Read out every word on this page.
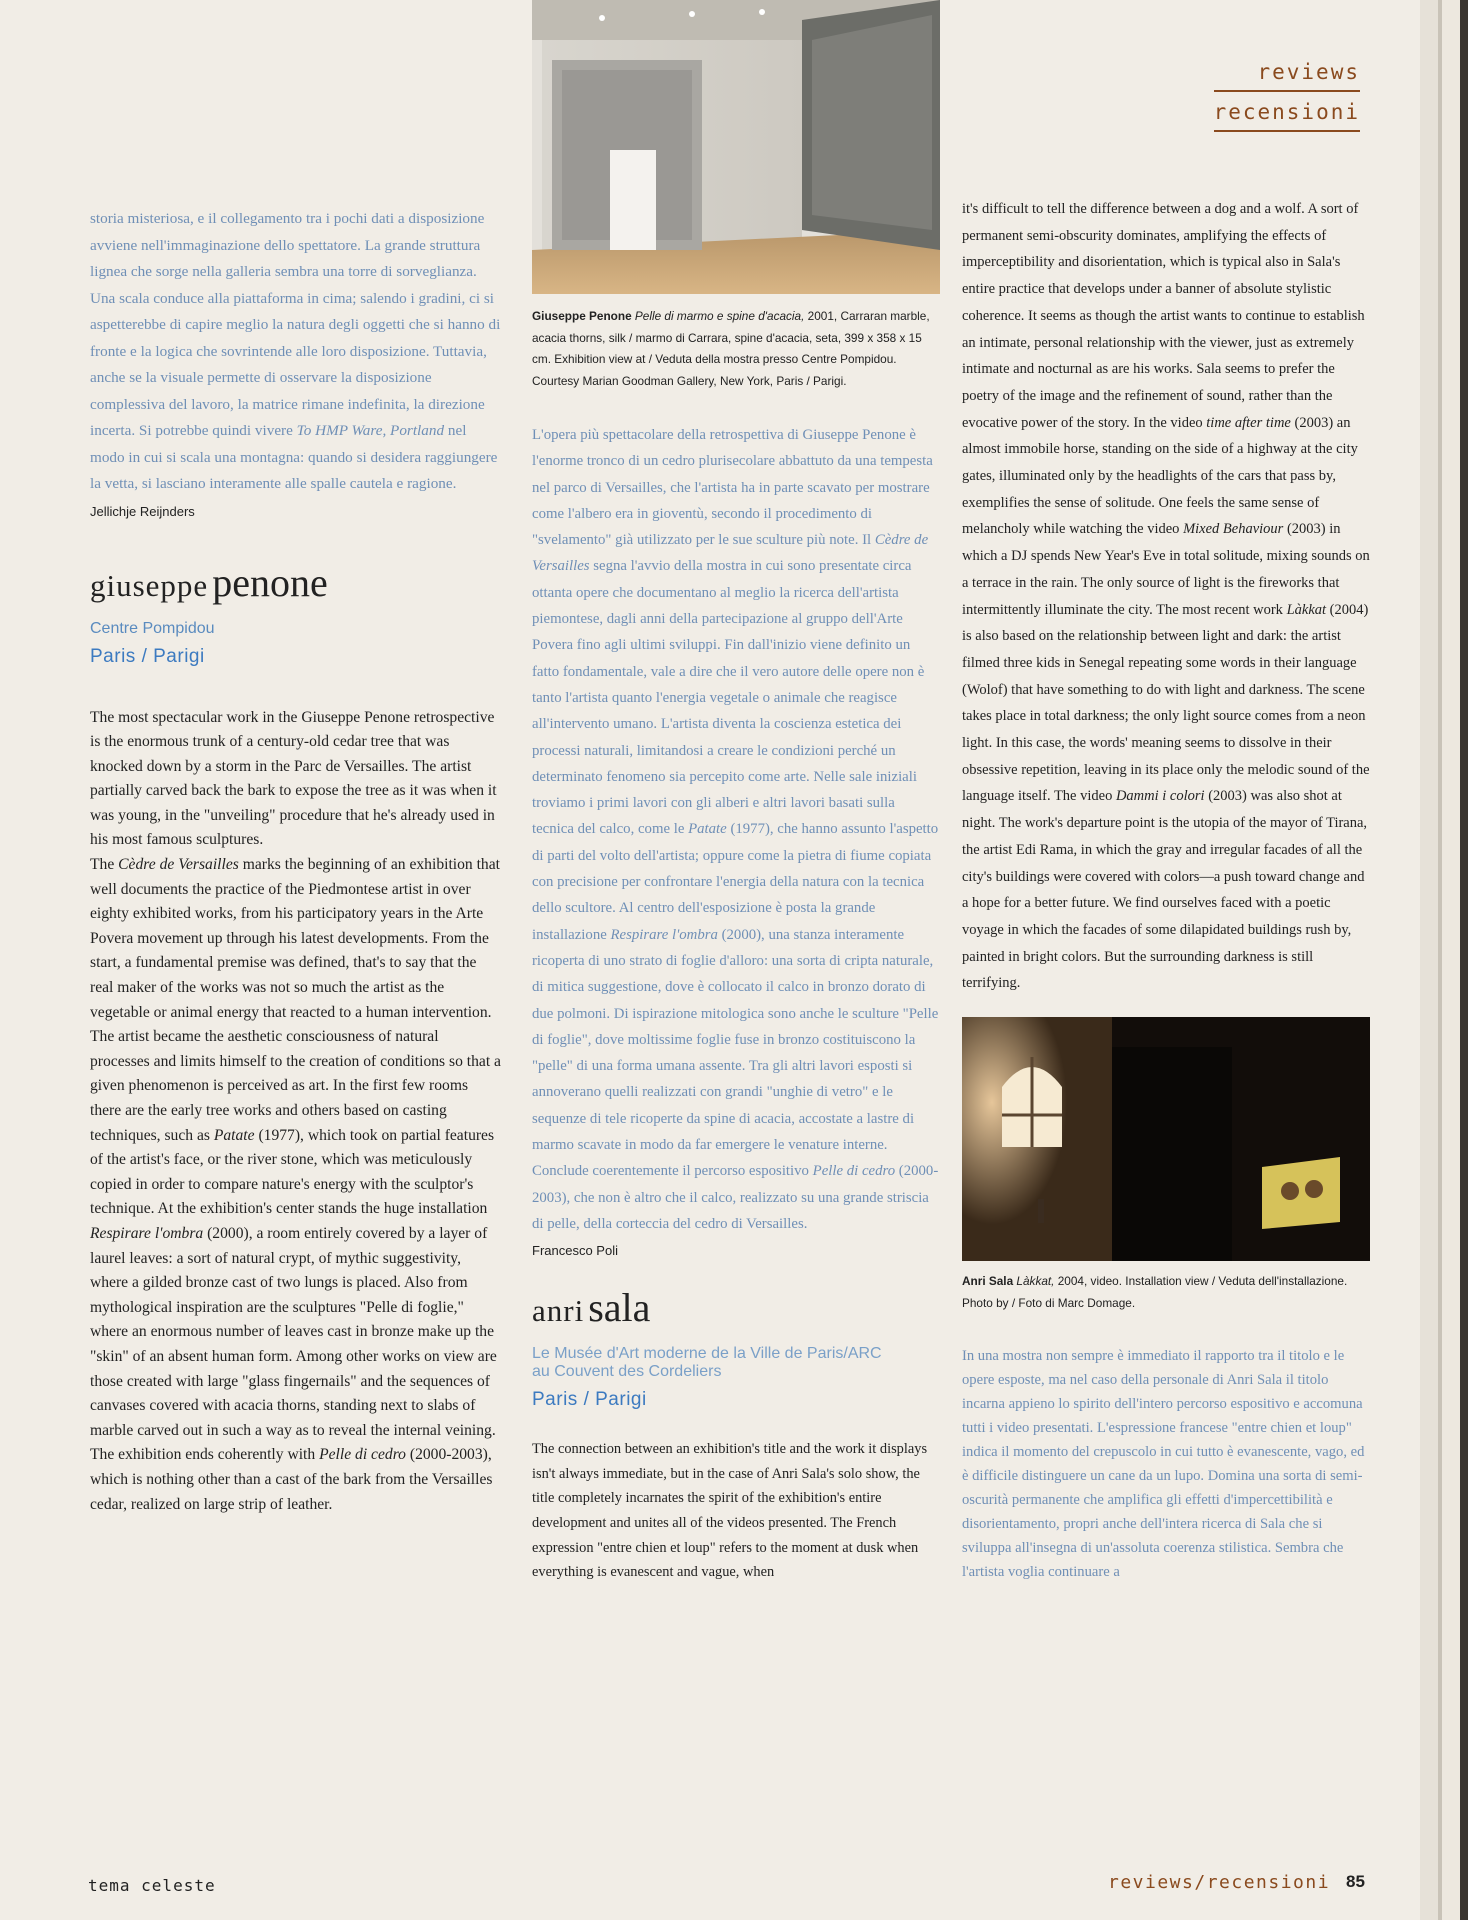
reviews
recensioni

storia misteriosa, e il collegamento tra i pochi dati a disposizione avviene nell'immaginazione dello spettatore. La grande struttura lignea che sorge nella galleria sembra una torre di sorveglianza. Una scala conduce alla piattaforma in cima; salendo i gradini, ci si aspetterebbe di capire meglio la natura degli oggetti che si hanno di fronte e la logica che sovrintende alle loro disposizione. Tuttavia, anche se la visuale permette di osservare la disposizione complessiva del lavoro, la matrice rimane indefinita, la direzione incerta. Si potrebbe quindi vivere To HMP Ware, Portland nel modo in cui si scala una montagna: quando si desidera raggiungere la vetta, si lasciano interamente alle spalle cautela e ragione.

Jellichje Reijnders
giuseppe penone
Centre Pompidou
Paris / Parigi

The most spectacular work in the Giuseppe Penone retrospective is the enormous trunk of a century-old cedar tree that was knocked down by a storm in the Parc de Versailles. The artist partially carved back the bark to expose the tree as it was when it was young, in the "unveiling" procedure that he's already used in his most famous sculptures.

The Cèdre de Versailles marks the beginning of an exhibition that well documents the practice of the Piedmontese artist in over eighty exhibited works, from his participatory years in the Arte Povera movement up through his latest developments. From the start, a fundamental premise was defined, that's to say that the real maker of the works was not so much the artist as the vegetable or animal energy that reacted to a human intervention. The artist became the aesthetic consciousness of natural processes and limits himself to the creation of conditions so that a given phenomenon is perceived as art. In the first few rooms there are the early tree works and others based on casting techniques, such as Patate (1977), which took on partial features of the artist's face, or the river stone, which was meticulously copied in order to compare nature's energy with the sculptor's technique. At the exhibition's center stands the huge installation Respirare l'ombra (2000), a room entirely covered by a layer of laurel leaves: a sort of natural crypt, of mythic suggestivity, where a gilded bronze cast of two lungs is placed. Also from mythological inspiration are the sculptures "Pelle di foglie," where an enormous number of leaves cast in bronze make up the "skin" of an absent human form. Among other works on view are those created with large "glass fingernails" and the sequences of canvases covered with acacia thorns, standing next to slabs of marble carved out in such a way as to reveal the internal veining. The exhibition ends coherently with Pelle di cedro (2000-2003), which is nothing other than a cast of the bark from the Versailles cedar, realized on large strip of leather.

Giuseppe Penone Pelle di marmo e spine d'acacia, 2001, Carraran marble, acacia thorns, silk / marmo di Carrara, spine d'acacia, seta, 399 x 358 x 15 cm. Exhibition view at / Veduta della mostra presso Centre Pompidou. Courtesy Marian Goodman Gallery, New York, Paris / Parigi.

L'opera più spettacolare della retrospettiva di Giuseppe Penone è l'enorme tronco di un cedro plurisecolare abbattuto da una tempesta nel parco di Versailles, che l'artista ha in parte scavato per mostrare come l'albero era in gioventù, secondo il procedimento di "svelamento" già utilizzato per le sue sculture più note. Il Cèdre de Versailles segna l'avvio della mostra in cui sono presentate circa ottanta opere che documentano al meglio la ricerca dell'artista piemontese, dagli anni della partecipazione al gruppo dell'Arte Povera fino agli ultimi sviluppi. Fin dall'inizio viene definito un fatto fondamentale, vale a dire che il vero autore delle opere non è tanto l'artista quanto l'energia vegetale o animale che reagisce all'intervento umano. L'artista diventa la coscienza estetica dei processi naturali, limitandosi a creare le condizioni perché un determinato fenomeno sia percepito come arte. Nelle sale iniziali troviamo i primi lavori con gli alberi e altri lavori basati sulla tecnica del calco, come le Patate (1977), che hanno assunto l'aspetto di parti del volto dell'artista; oppure come la pietra di fiume copiata con precisione per confrontare l'energia della natura con la tecnica dello scultore. Al centro dell'esposizione è posta la grande installazione Respirare l'ombra (2000), una stanza interamente ricoperta di uno strato di foglie d'alloro: una sorta di cripta naturale, di mitica suggestione, dove è collocato il calco in bronzo dorato di due polmoni. Di ispirazione mitologica sono anche le sculture "Pelle di foglie", dove moltissime foglie fuse in bronzo costituiscono la "pelle" di una forma umana assente. Tra gli altri lavori esposti si annoverano quelli realizzati con grandi "unghie di vetro" e le sequenze di tele ricoperte da spine di acacia, accostate a lastre di marmo scavate in modo da far emergere le venature interne. Conclude coerentemente il percorso espositivo Pelle di cedro (2000-2003), che non è altro che il calco, realizzato su una grande striscia di pelle, della corteccia del cedro di Versailles.

Francesco Poli
anri sala
Le Musée d'Art moderne de la Ville de Paris/ARC au Couvent des Cordeliers
Paris / Parigi

The connection between an exhibition's title and the work it displays isn't always immediate, but in the case of Anri Sala's solo show, the title completely incarnates the spirit of the exhibition's entire development and unites all of the videos presented. The French expression "entre chien et loup" refers to the moment at dusk when everything is evanescent and vague, when

it's difficult to tell the difference between a dog and a wolf. A sort of permanent semi-obscurity dominates, amplifying the effects of imperceptibility and disorientation, which is typical also in Sala's entire practice that develops under a banner of absolute stylistic coherence. It seems as though the artist wants to continue to establish an intimate, personal relationship with the viewer, just as extremely intimate and nocturnal as are his works. Sala seems to prefer the poetry of the image and the refinement of sound, rather than the evocative power of the story. In the video time after time (2003) an almost immobile horse, standing on the side of a highway at the city gates, illuminated only by the headlights of the cars that pass by, exemplifies the sense of solitude. One feels the same sense of melancholy while watching the video Mixed Behaviour (2003) in which a DJ spends New Year's Eve in total solitude, mixing sounds on a terrace in the rain. The only source of light is the fireworks that intermittently illuminate the city. The most recent work Làkkat (2004) is also based on the relationship between light and dark: the artist filmed three kids in Senegal repeating some words in their language (Wolof) that have something to do with light and darkness. The scene takes place in total darkness; the only light source comes from a neon light. In this case, the words' meaning seems to dissolve in their obsessive repetition, leaving in its place only the melodic sound of the language itself. The video Dammi i colori (2003) was also shot at night. The work's departure point is the utopia of the mayor of Tirana, the artist Edi Rama, in which the gray and irregular facades of all the city's buildings were covered with colors—a push toward change and a hope for a better future. We find ourselves faced with a poetic voyage in which the facades of some dilapidated buildings rush by, painted in bright colors. But the surrounding darkness is still terrifying.

Anri Sala Làkkat, 2004, video. Installation view / Veduta dell'installazione. Photo by / Foto di Marc Domage.

In una mostra non sempre è immediato il rapporto tra il titolo e le opere esposte, ma nel caso della personale di Anri Sala il titolo incarna appieno lo spirito dell'intero percorso espositivo e accomuna tutti i video presentati. L'espressione francese "entre chien et loup" indica il momento del crepuscolo in cui tutto è evanescente, vago, ed è difficile distinguere un cane da un lupo. Domina una sorta di semi-oscurità permanente che amplifica gli effetti d'impercettibilità e disorientamento, propri anche dell'intera ricerca di Sala che si sviluppa all'insegna di un'assoluta coerenza stilistica. Sembra che l'artista voglia continuare a

tema celeste	reviews/recensioni 85
